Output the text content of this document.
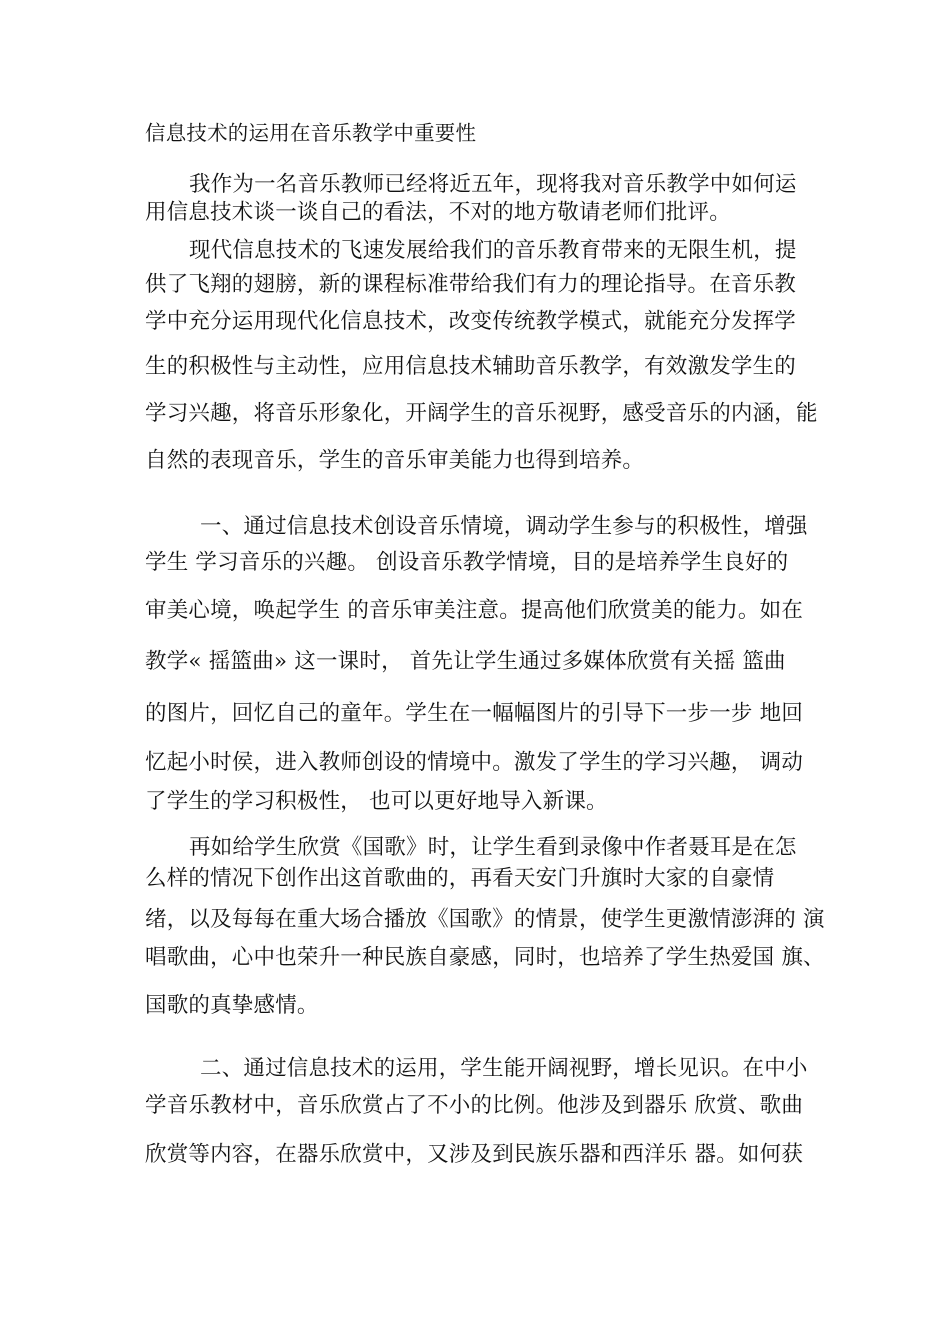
信息技术的运用在音乐教学中重要性
我作为一名音乐教师已经将近五年，现将我对音乐教学中如何运
用信息技术谈一谈自己的看法，不对的地方敬请老师们批评。
现代信息技术的飞速发展给我们的音乐教育带来的无限生机，提
供了飞翔的翅膀，新的课程标准带给我们有力的理论指导。在音乐教
学中充分运用现代化信息技术，改变传统教学模式，就能充分发挥学
生的积极性与主动性，应用信息技术辅助音乐教学，有效激发学生的
学习兴趣，将音乐形象化，开阔学生的音乐视野，感受音乐的内涵，能
自然的表现音乐，学生的音乐审美能力也得到培养。
一、通过信息技术创设音乐情境，调动学生参与的积极性，增强
学生 学习音乐的兴趣。 创设音乐教学情境，目的是培养学生良好的
审美心境，唤起学生 的音乐审美注意。提高他们欣赏美的能力。如在
教学« 摇篮曲» 这一课时， 首先让学生通过多媒体欣赏有关摇 篮曲
的图片，回忆自己的童年。学生在一幅幅图片的引导下一步一步 地回
忆起小时侯，进入教师创设的情境中。激发了学生的学习兴趣， 调动
了学生的学习积极性， 也可以更好地导入新课。
再如给学生欣赏《国歌》时，让学生看到录像中作者聂耳是在怎
么样的情况下创作出这首歌曲的，再看天安门升旗时大家的自豪情
绪，以及每每在重大场合播放《国歌》的情景，使学生更激情澎湃的 演
唱歌曲，心中也荣升一种民族自豪感，同时，也培养了学生热爱国 旗、
国歌的真挚感情。
二、通过信息技术的运用，学生能开阔视野，增长见识。在中小
学音乐教材中，音乐欣赏占了不小的比例。他涉及到器乐 欣赏、歌曲
欣赏等内容，在器乐欣赏中，又涉及到民族乐器和西洋乐 器。如何获
